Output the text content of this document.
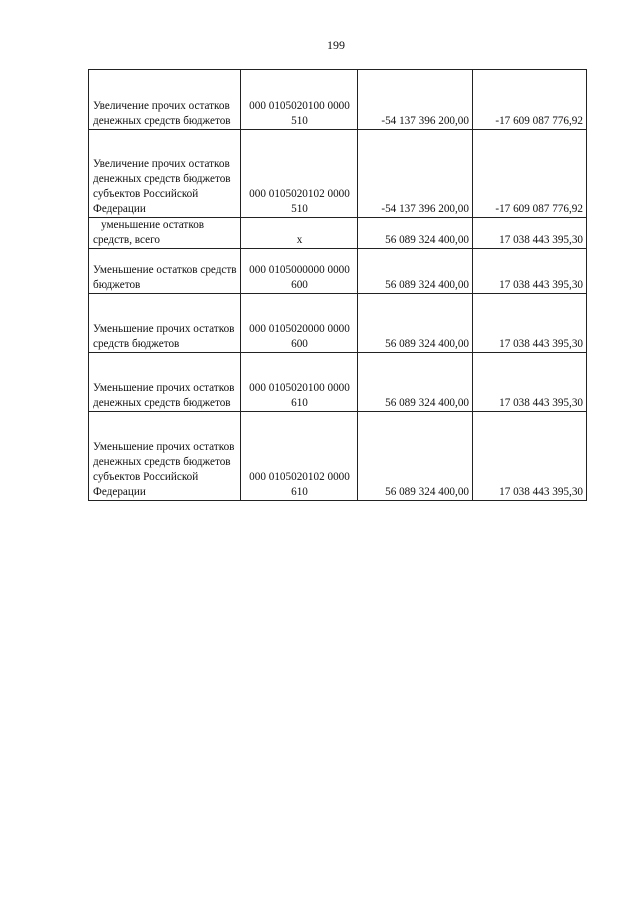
199
Увеличение прочих остатков денежных средств бюджетов	000 0105020100 0000 510	-54 137 396 200,00	-17 609 087 776,92
Увеличение прочих остатков денежных средств бюджетов субъектов Российской Федерации	000 0105020102 0000 510	-54 137 396 200,00	-17 609 087 776,92
уменьшение остатков средств, всего	x	56 089 324 400,00	17 038 443 395,30
Уменьшение остатков средств бюджетов	000 0105000000 0000 600	56 089 324 400,00	17 038 443 395,30
Уменьшение прочих остатков средств бюджетов	000 0105020000 0000 600	56 089 324 400,00	17 038 443 395,30
Уменьшение прочих остатков денежных средств бюджетов	000 0105020100 0000 610	56 089 324 400,00	17 038 443 395,30
Уменьшение прочих остатков денежных средств бюджетов субъектов Российской Федерации	000 0105020102 0000 610	56 089 324 400,00	17 038 443 395,30
